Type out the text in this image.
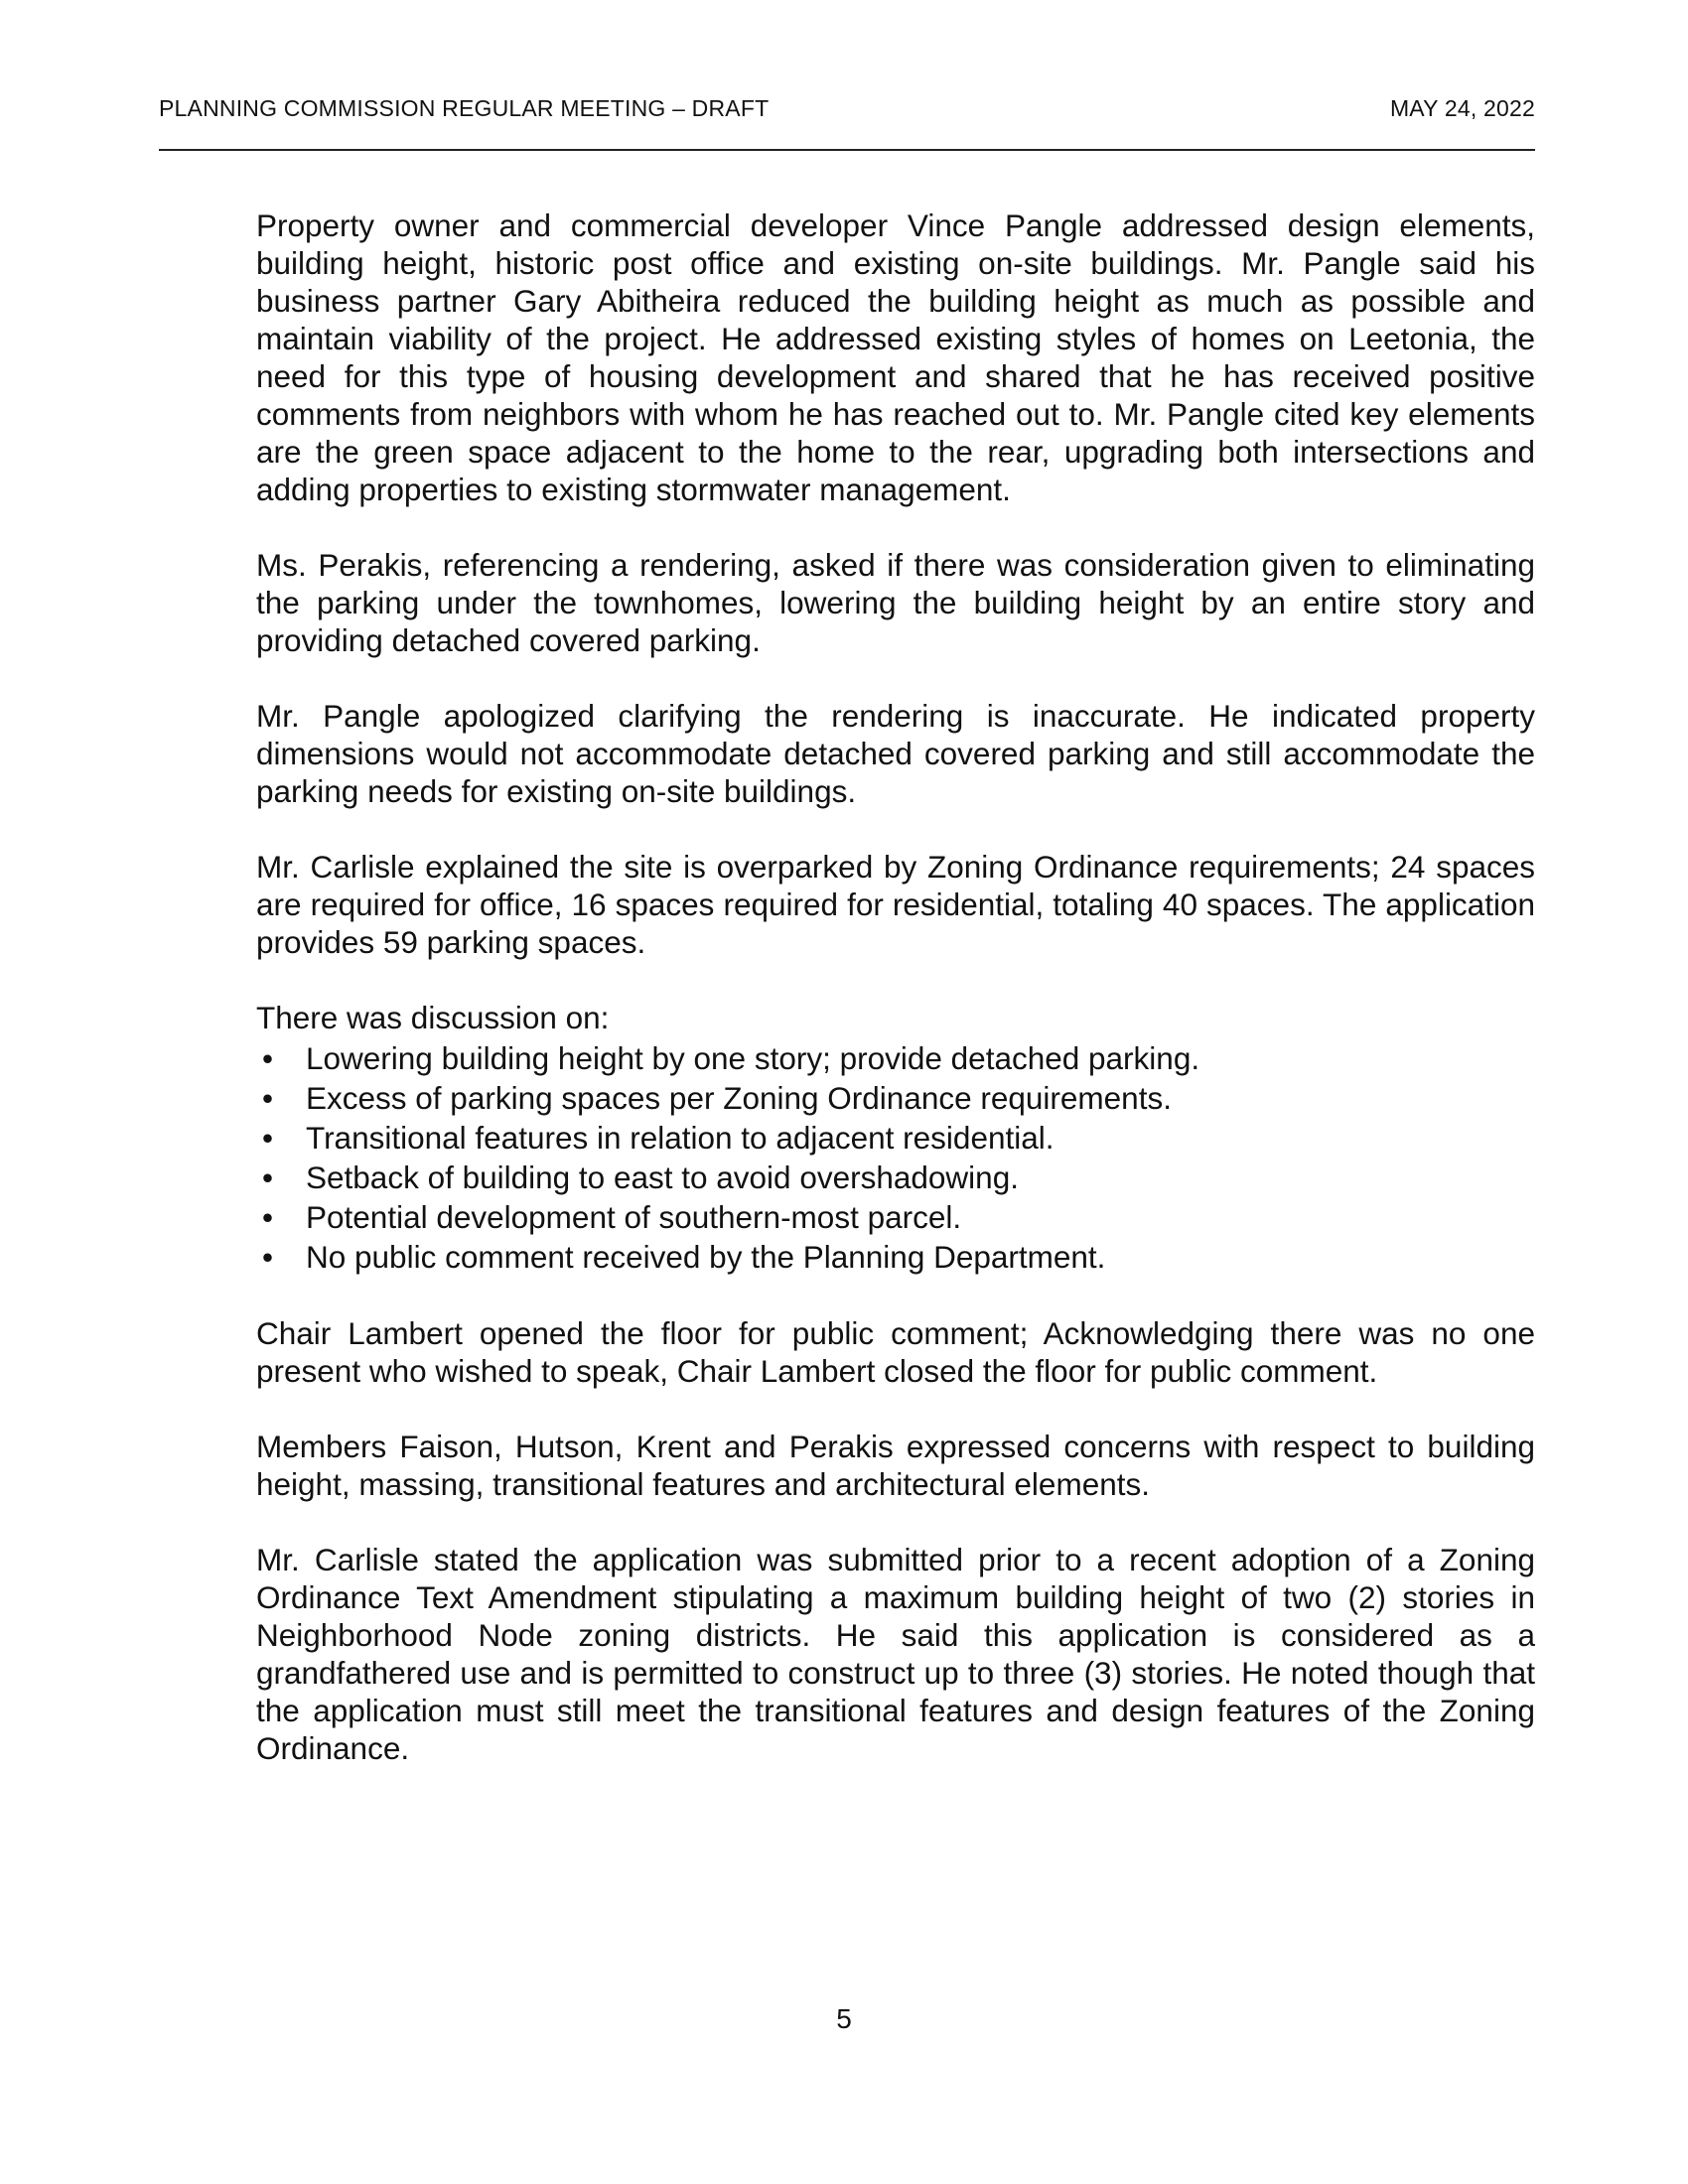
PLANNING COMMISSION REGULAR MEETING – DRAFT	MAY 24, 2022

Property owner and commercial developer Vince Pangle addressed design elements, building height, historic post office and existing on-site buildings. Mr. Pangle said his business partner Gary Abitheira reduced the building height as much as possible and maintain viability of the project. He addressed existing styles of homes on Leetonia, the need for this type of housing development and shared that he has received positive comments from neighbors with whom he has reached out to. Mr. Pangle cited key elements are the green space adjacent to the home to the rear, upgrading both intersections and adding properties to existing stormwater management.

Ms. Perakis, referencing a rendering, asked if there was consideration given to eliminating the parking under the townhomes, lowering the building height by an entire story and providing detached covered parking.

Mr. Pangle apologized clarifying the rendering is inaccurate. He indicated property dimensions would not accommodate detached covered parking and still accommodate the parking needs for existing on-site buildings.

Mr. Carlisle explained the site is overparked by Zoning Ordinance requirements; 24 spaces are required for office, 16 spaces required for residential, totaling 40 spaces. The application provides 59 parking spaces.

There was discussion on:

• Lowering building height by one story; provide detached parking.
• Excess of parking spaces per Zoning Ordinance requirements.
• Transitional features in relation to adjacent residential.
• Setback of building to east to avoid overshadowing.
• Potential development of southern-most parcel.
• No public comment received by the Planning Department.

Chair Lambert opened the floor for public comment; Acknowledging there was no one present who wished to speak, Chair Lambert closed the floor for public comment.

Members Faison, Hutson, Krent and Perakis expressed concerns with respect to building height, massing, transitional features and architectural elements.

Mr. Carlisle stated the application was submitted prior to a recent adoption of a Zoning Ordinance Text Amendment stipulating a maximum building height of two (2) stories in Neighborhood Node zoning districts. He said this application is considered as a grandfathered use and is permitted to construct up to three (3) stories. He noted though that the application must still meet the transitional features and design features of the Zoning Ordinance.

5
